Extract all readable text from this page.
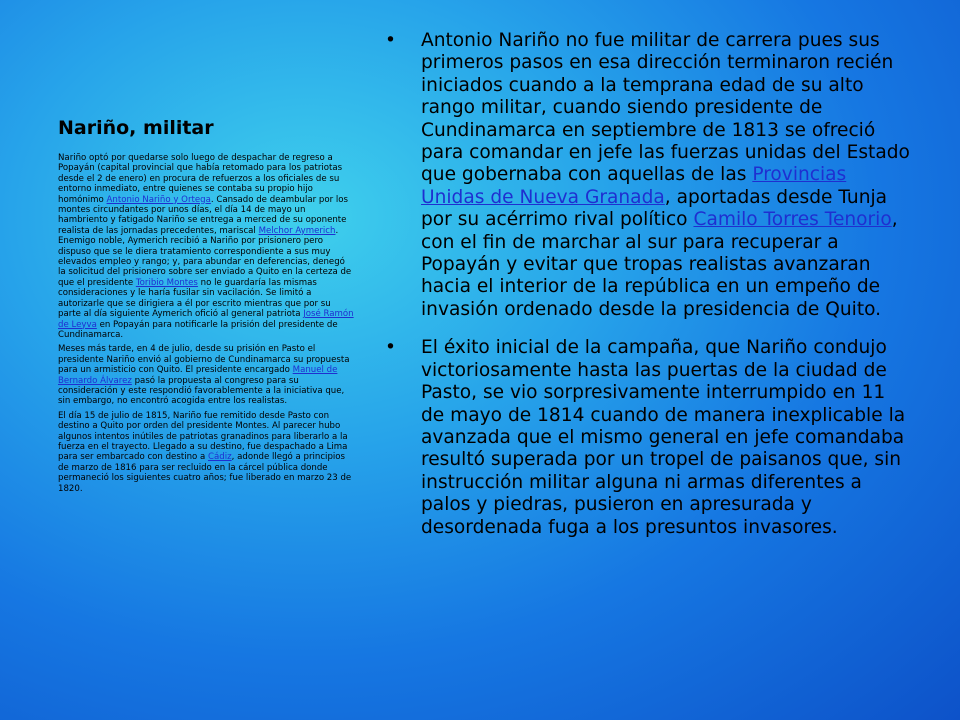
Nariño, militar

Nariño optó por quedarse solo luego de despachar de regreso a Popayán (capital provincial que había retomado para los patriotas desde el 2 de enero) en procura de refuerzos a los oficiales de su entorno inmediato, entre quienes se contaba su propio hijo homónimo Antonio Nariño y Ortega. Cansado de deambular por los montes circundantes por unos días, el día 14 de mayo un hambriento y fatigado Nariño se entrega a merced de su oponente realista de las jornadas precedentes, mariscal Melchor Aymerich. Enemigo noble, Aymerich recibió a Nariño por prisionero pero dispuso que se le diera tratamiento correspondiente a sus muy elevados empleo y rango; y, para abundar en deferencias, denegó la solicitud del prisionero sobre ser enviado a Quito en la certeza de que el presidente Toribio Montes no le guardaría las mismas consideraciones y le haría fusilar sin vacilación. Se limitó a autorizarle que se dirigiera a él por escrito mientras que por su parte al día siguiente Aymerich ofició al general patriota José Ramón de Leyva en Popayán para notificarle la prisión del presidente de Cundinamarca.

Meses más tarde, en 4 de julio, desde su prisión en Pasto el presidente Nariño envió al gobierno de Cundinamarca su propuesta para un armisticio con Quito. El presidente encargado Manuel de Bernardo Álvarez pasó la propuesta al congreso para su consideración y este respondió favorablemente a la iniciativa que, sin embargo, no encontró acogida entre los realistas.

El día 15 de julio de 1815, Nariño fue remitido desde Pasto con destino a Quito por orden del presidente Montes. Al parecer hubo algunos intentos inútiles de patriotas granadinos para liberarlo a la fuerza en el trayecto. Llegado a su destino, fue despachado a Lima para ser embarcado con destino a Cádiz, adonde llegó a principios de marzo de 1816 para ser recluido en la cárcel pública donde permaneció los siguientes cuatro años; fue liberado en marzo 23 de 1820.

•	Antonio Nariño no fue militar de carrera pues sus primeros pasos en esa dirección terminaron recién iniciados cuando a la temprana edad de su alto rango militar, cuando siendo presidente de Cundinamarca en septiembre de 1813 se ofreció para comandar en jefe las fuerzas unidas del Estado que gobernaba con aquellas de las Provincias Unidas de Nueva Granada, aportadas desde Tunja por su acérrimo rival político Camilo Torres Tenorio, con el fin de marchar al sur para recuperar a Popayán y evitar que tropas realistas avanzaran hacia el interior de la república en un empeño de invasión ordenado desde la presidencia de Quito.
•	El éxito inicial de la campaña, que Nariño condujo victoriosamente hasta las puertas de la ciudad de Pasto, se vio sorpresivamente interrumpido en 11 de mayo de 1814 cuando de manera inexplicable la avanzada que el mismo general en jefe comandaba resultó superada por un tropel de paisanos que, sin instrucción militar alguna ni armas diferentes a palos y piedras, pusieron en apresurada y desordenada fuga a los presuntos invasores.
